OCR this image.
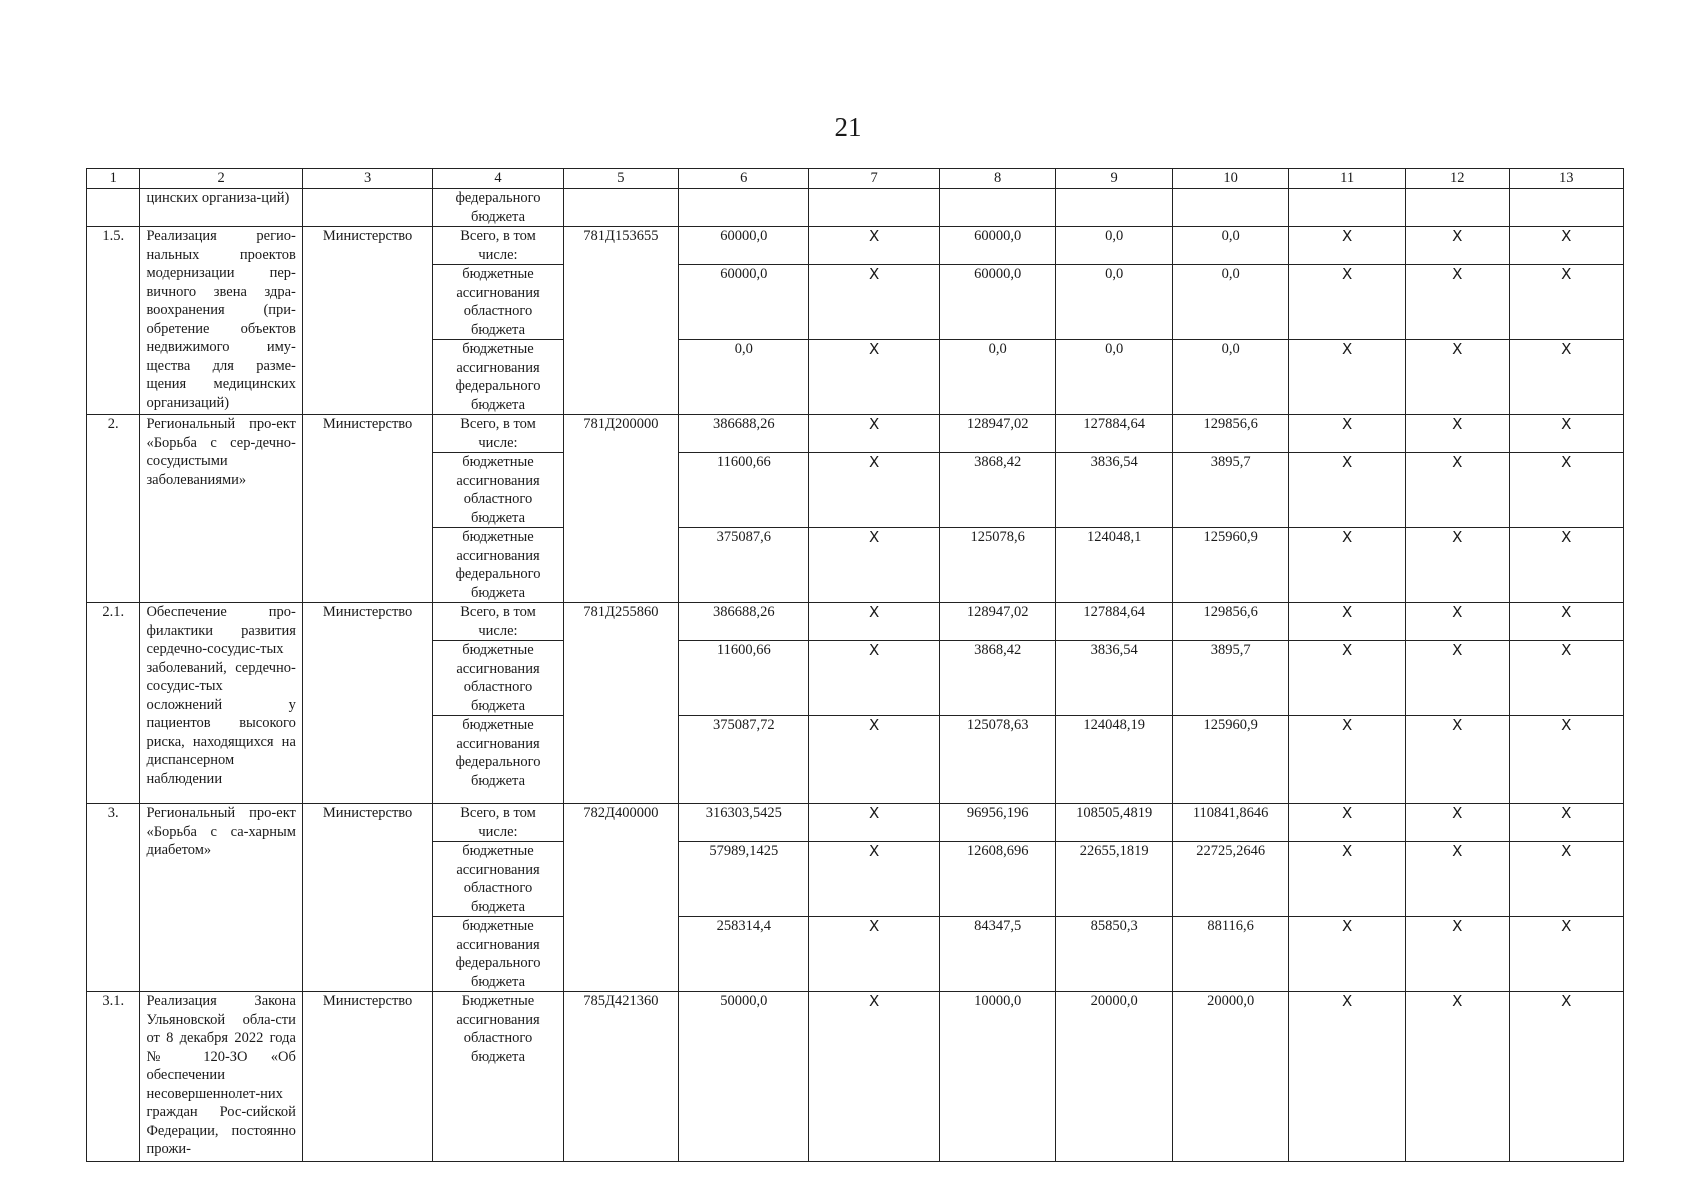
21
1	2	3	4	5	6	7	8	9	10	11	12	13
	цинских организа-ций)		федерального бюджета									
1.5.	Реализация регио-нальных проектов модернизации пер-вичного звена здра-воохранения (при-обретение объектов недвижимого иму-щества для разме-щения медицинских организаций)	Министерство	Всего, в том числе:	781Д153655	60000,0	X	60000,0	0,0	0,0	X	X	X
			бюджетные ассигнования областного бюджета		60000,0	X	60000,0	0,0	0,0	X	X	X
			бюджетные ассигнования федерального бюджета		0,0	X	0,0	0,0	0,0	X	X	X
2.	Региональный про-ект «Борьба с сер-дечно-сосудистыми заболеваниями»	Министерство	Всего, в том числе:	781Д200000	386688,26	X	128947,02	127884,64	129856,6	X	X	X
			бюджетные ассигнования областного бюджета		11600,66	X	3868,42	3836,54	3895,7	X	X	X
			бюджетные ассигнования федерального бюджета		375087,6	X	125078,6	124048,1	125960,9	X	X	X
2.1.	Обеспечение про-филактики развития сердечно-сосудис-тых заболеваний, сердечно-сосудис-тых осложнений у пациентов высокого риска, находящихся на диспансерном наблюдении	Министерство	Всего, в том числе:	781Д255860	386688,26	X	128947,02	127884,64	129856,6	X	X	X
			бюджетные ассигнования областного бюджета		11600,66	X	3868,42	3836,54	3895,7	X	X	X
			бюджетные ассигнования федерального бюджета		375087,72	X	125078,63	124048,19	125960,9	X	X	X
3.	Региональный про-ект «Борьба с са-харным диабетом»	Министерство	Всего, в том числе:	782Д400000	316303,5425	X	96956,196	108505,4819	110841,8646	X	X	X
			бюджетные ассигнования областного бюджета		57989,1425	X	12608,696	22655,1819	22725,2646	X	X	X
			бюджетные ассигнования федерального бюджета		258314,4	X	84347,5	85850,3	88116,6	X	X	X
3.1.	Реализация Закона Ульяновской обла-сти от 8 декабря 2022 года № 120-ЗО «Об обеспечении несовершеннолет-них граждан Рос-сийской Федерации, постоянно прожи-	Министерство	Бюджетные ассигнования областного бюджета	785Д421360	50000,0	X	10000,0	20000,0	20000,0	X	X	X
